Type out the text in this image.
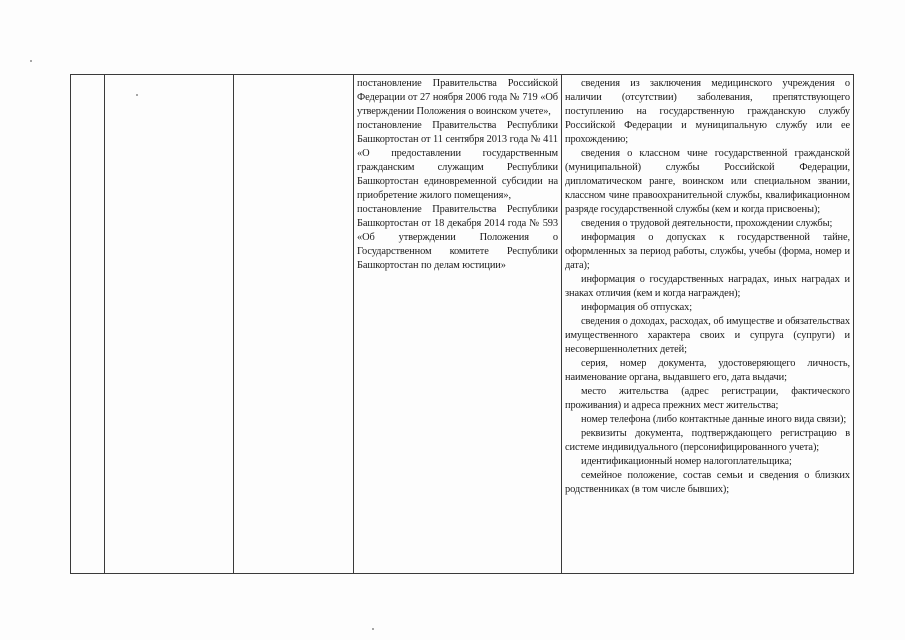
постановление Правительства Российской Федерации от 27 ноября 2006 года № 719 «Об утверждении Положения о воинском учете»,

постановление Правительства Республики Башкортостан от 11 сентября 2013 года № 411 «О предоставлении государственным гражданским служащим Республики Башкортостан единовременной субсидии на приобретение жилого помещения»,

постановление Правительства Республики Башкортостан от 18 декабря 2014 года № 593 «Об утверждении Положения о Государственном комитете Республики Башкортостан по делам юстиции»

сведения из заключения медицинского учреждения о наличии (отсутствии) заболевания, препятствующего поступлению на государственную гражданскую службу Российской Федерации и муниципальную службу или ее прохождению;

сведения о классном чине государственной гражданской (муниципальной) службы Российской Федерации, дипломатическом ранге, воинском или специальном звании, классном чине правоохранительной службы, квалификационном разряде государственной службы (кем и когда присвоены);

сведения о трудовой деятельности, прохождении службы;

информация о допусках к государственной тайне, оформленных за период работы, службы, учебы (форма, номер и дата);

информация о государственных наградах, иных наградах и знаках отличия (кем и когда награжден);

информация об отпусках;

сведения о доходах, расходах, об имуществе и обязательствах имущественного характера своих и супруга (супруги) и несовершеннолетних детей;

серия, номер документа, удостоверяющего личность, наименование органа, выдавшего его, дата выдачи;

место жительства (адрес регистрации, фактического проживания) и адреса прежних мест жительства;

номер телефона (либо контактные данные иного вида связи);

реквизиты документа, подтверждающего регистрацию в системе индивидуального (персонифицированного учета);

идентификационный номер налогоплательщика;

семейное положение, состав семьи и сведения о близких родственниках (в том числе бывших);
